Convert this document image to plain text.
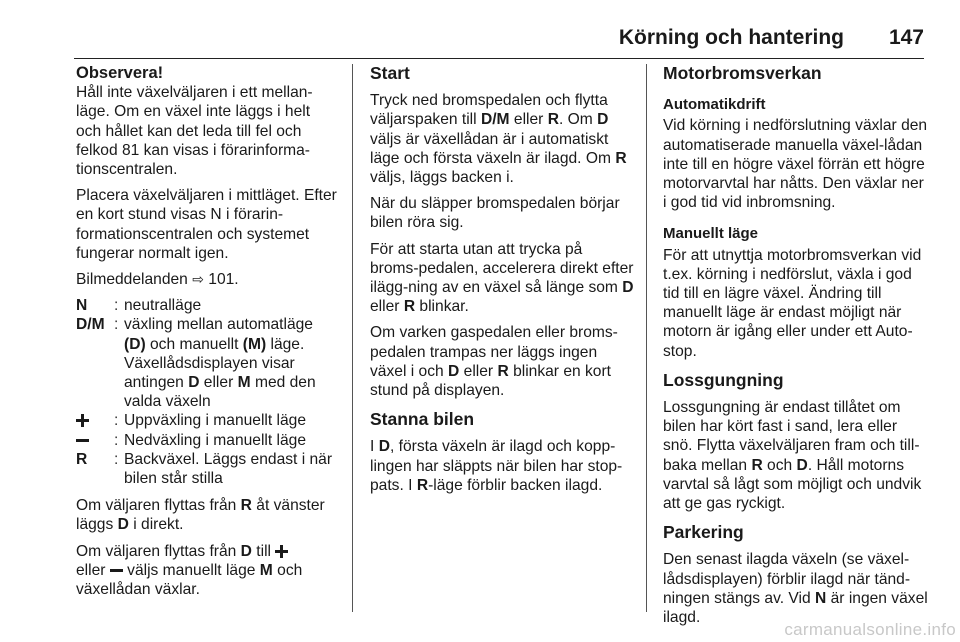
Körning och hantering 147
Observera!

Håll inte växelväljaren i ett mellan-läge. Om en växel inte läggs i helt och hållet kan det leda till fel och felkod 81 kan visas i förarinforma-tionscentralen.

Placera växelväljaren i mittläget. Efter en kort stund visas N i förarin-formationscentralen och systemet fungerar normalt igen.

Bilmeddelanden ⇨ 101.

N	: neutralläge
D/M : växling mellan automatläge (D) och manuellt (M) läge. Växellådsdisplayen visar antingen D eller M med den valda växeln
: Uppväxling i manuellt läge
: Nedväxling i manuellt läge
R	: Backväxel. Läggs endast i när bilen står stilla

Om väljaren flyttas från R åt vänster läggs D i direkt.

Om väljaren flyttas från D till
eller väljs manuellt läge M och växellådan växlar.

Start

Tryck ned bromspedalen och flytta väljarspaken till D/M eller R. Om D väljs är växellådan är i automatiskt läge och första växeln är ilagd. Om R väljs, läggs backen i.

När du släpper bromspedalen börjar bilen röra sig.

För att starta utan att trycka på broms-pedalen, accelerera direkt efter ilägg-ning av en växel så länge som D eller R blinkar.

Om varken gaspedalen eller broms-pedalen trampas ner läggs ingen växel i och D eller R blinkar en kort stund på displayen.

Stanna bilen

I D, första växeln är ilagd och kopp-lingen har släppts när bilen har stop-pats. I R-läge förblir backen ilagd.

Motorbromsverkan
Automatikdrift

Vid körning i nedförslutning växlar den automatiserade manuella växel-lådan inte till en högre växel förrän ett högre motorvarvtal har nåtts. Den växlar ner i god tid vid inbromsning.

Manuellt läge

För att utnyttja motorbromsverkan vid t.ex. körning i nedförslut, växla i god tid till en lägre växel. Ändring till manuellt läge är endast möjligt när motorn är igång eller under ett Auto-stop.

Lossgungning

Lossgungning är endast tillåtet om bilen har kört fast i sand, lera eller snö. Flytta växelväljaren fram och till-baka mellan R och D. Håll motorns varvtal så lågt som möjligt och undvik att ge gas ryckigt.

Parkering

Den senast ilagda växeln (se växel-lådsdisplayen) förblir ilagd när tänd-ningen stängs av. Vid N är ingen växel ilagd.

carmanualsonline.info
